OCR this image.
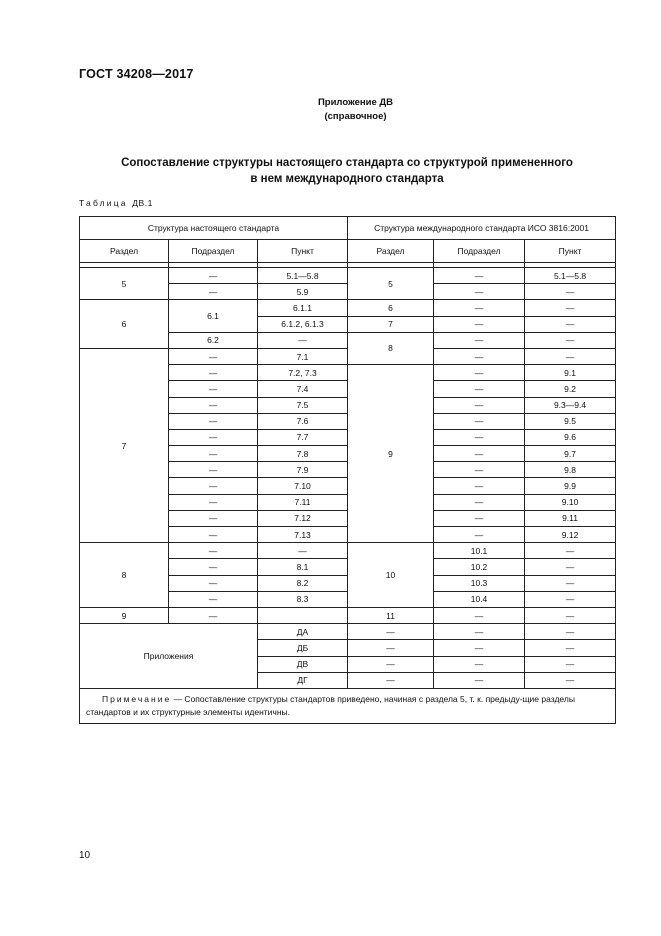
ГОСТ 34208—2017
Приложение ДВ
(справочное)
Сопоставление структуры настоящего стандарта со структурой примененного
в нем международного стандарта
Таблица ДВ.1
Структура настоящего стандарта			Структура международного стандарта ИСО 3816:2001		
Раздел	Подраздел	Пункт	Раздел	Подраздел	Пункт

5	—	5.1—5.8	5	—	5.1—5.8
	—	5.9		—	—
6	6.1	6.1.1	6	—	—
		6.1.2, 6.1.3	7	—	—
	6.2	—	8	—	—
7	—	7.1		—	—
	—	7.2, 7.3	9	—	9.1
	—	7.4		—	9.2
	—	7.5		—	9.3—9.4
	—	7.6		—	9.5
	—	7.7		—	9.6
	—	7.8		—	9.7
	—	7.9		—	9.8
	—	7.10		—	9.9
	—	7.11		—	9.10
	—	7.12		—	9.11
	—	7.13		—	9.12
8	—	—	10	10.1	—
	—	8.1		10.2	—
	—	8.2		10.3	—
	—	8.3		10.4	—
9	—		11	—	—
Приложения		ДА	—	—	—
		ДБ	—	—	—
		ДВ	—	—	—
		ДГ	—	—	—
Примечание — Сопоставление структуры стандартов приведено, начиная с раздела 5, т. к. предыду-щие разделы стандартов и их структурные элементы идентичны.					
10
